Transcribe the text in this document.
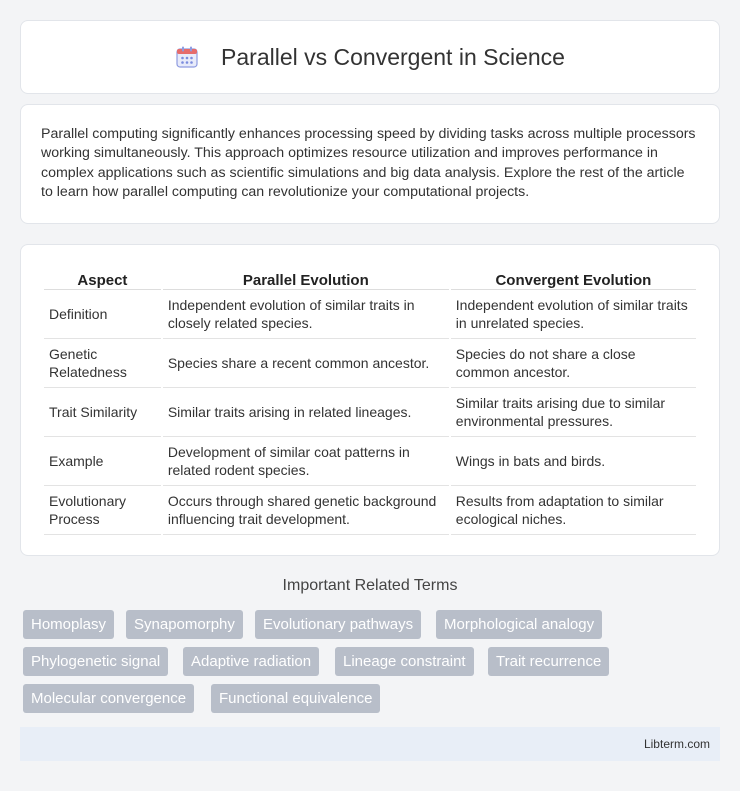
Parallel vs Convergent in Science

Parallel computing significantly enhances processing speed by dividing tasks across multiple processors working simultaneously. This approach optimizes resource utilization and improves performance in complex applications such as scientific simulations and big data analysis. Explore the rest of the article to learn how parallel computing can revolutionize your computational projects.

Aspect	Parallel Evolution	Convergent Evolution
Definition	Independent evolution of similar traits in closely related species.	Independent evolution of similar traits in unrelated species.
Genetic Relatedness	Species share a recent common ancestor.	Species do not share a close common ancestor.
Trait Similarity	Similar traits arising in related lineages.	Similar traits arising due to similar environmental pressures.
Example	Development of similar coat patterns in related rodent species.	Wings in bats and birds.
Evolutionary Process	Occurs through shared genetic background influencing trait development.	Results from adaptation to similar ecological niches.
Important Related Terms
Homoplasy	Synapomorphy	Evolutionary pathways	Morphological analogy
Phylogenetic signal	Adaptive radiation	Lineage constraint	Trait recurrence
Molecular convergence	Functional equivalence
Libterm.com
